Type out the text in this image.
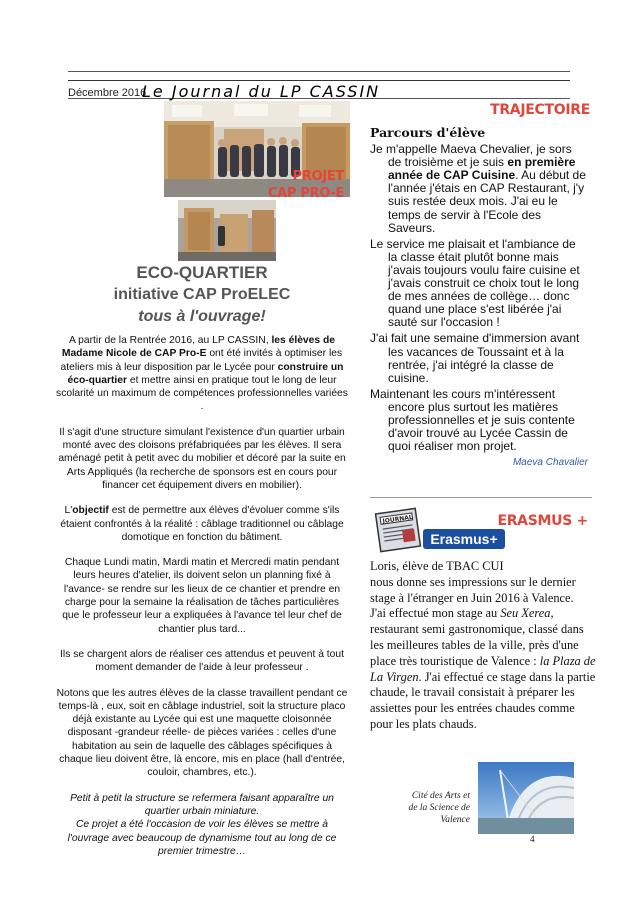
Décembre 2016
Le Journal du LP CASSIN
TRAJECTOIRE
PROJET
CAP PRO-E
ECO-QUARTIER
initiative CAP ProELEC
tous à l'ouvrage!

A partir de la Rentrée 2016, au LP CASSIN, les élèves de Madame Nicole de CAP Pro-E ont été invités à optimiser les ateliers mis à leur disposition par le Lycée pour construire un éco-quartier et mettre ainsi en pratique tout le long de leur scolarité un maximum de compétences professionnelles variées .

Il s'agit d'une structure simulant l'existence d'un quartier urbain monté avec des cloisons préfabriquées par les élèves. Il sera aménagé petit à petit avec du mobilier et décoré par la suite en Arts Appliqués (la recherche de sponsors est en cours pour financer cet équipement divers en mobilier).

L'objectif est de permettre aux élèves d'évoluer comme s'ils étaient confrontés à la réalité : câblage traditionnel ou câblage domotique en fonction du bâtiment.

Chaque Lundi matin, Mardi matin et Mercredi matin pendant leurs heures d'atelier, ils doivent selon un planning fixé à l'avance- se rendre sur les lieux de ce chantier et prendre en charge pour la semaine la réalisation de tâches particulières que le professeur leur a expliquées à l'avance tel leur chef de chantier plus tard...

Ils se chargent alors de réaliser ces attendus et peuvent à tout moment demander de l'aide à leur professeur .

Notons que les autres élèves de la classe travaillent pendant ce temps-là , eux, soit en câblage industriel, soit la structure placo déjà existante au Lycée qui est une maquette cloisonnée disposant -grandeur réelle- de pièces variées : celles d'une habitation au sein de laquelle des câblages spécifiques à chaque lieu doivent être, là encore, mis en place (hall d'entrée, couloir, chambres, etc.).

Petit à petit la structure se refermera faisant apparaître un quartier urbain miniature.

Ce projet a été l'occasion de voir les élèves se mettre à l'ouvrage avec beaucoup de dynamisme tout au long de ce premier trimestre…

Parcours d'élève

Je m'appelle Maeva Chevalier, je sors de troisième et je suis en première année de CAP Cuisine. Au début de l'année j'étais en CAP Restaurant, j'y suis restée deux mois. J'ai eu le temps de servir à l'Ecole des Saveurs.

Le service me plaisait et l'ambiance de la classe était plutôt bonne mais j'avais toujours voulu faire cuisine et j'avais construit ce choix tout le long de mes années de collège… donc quand une place s'est libérée j'ai sauté sur l'occasion !

J'ai fait une semaine d'immersion avant les vacances de Toussaint et à la rentrée, j'ai intégré la classe de cuisine.

Maintenant les cours m'intéressent encore plus surtout les matières professionnelles et je suis contente d'avoir trouvé au Lycée Cassin de quoi réaliser mon projet.

Maeva Chavalier
JOURNAL
Erasmus+
ERASMUS +
Loris, élève de TBAC CUI
nous donne ses impressions sur le dernier stage à l'étranger en Juin 2016 à Valence.
J'ai effectué mon stage au Seu Xerea, restaurant semi gastronomique, classé dans les meilleures tables de la ville, près d'une place très touristique de Valence : la Plaza de La Virgen. J'ai effectué ce stage dans la partie chaude, le travail consistait à préparer les assiettes pour les entrées chaudes comme pour les plats chauds.
Cité des Arts et
de la Science de
Valence
4
